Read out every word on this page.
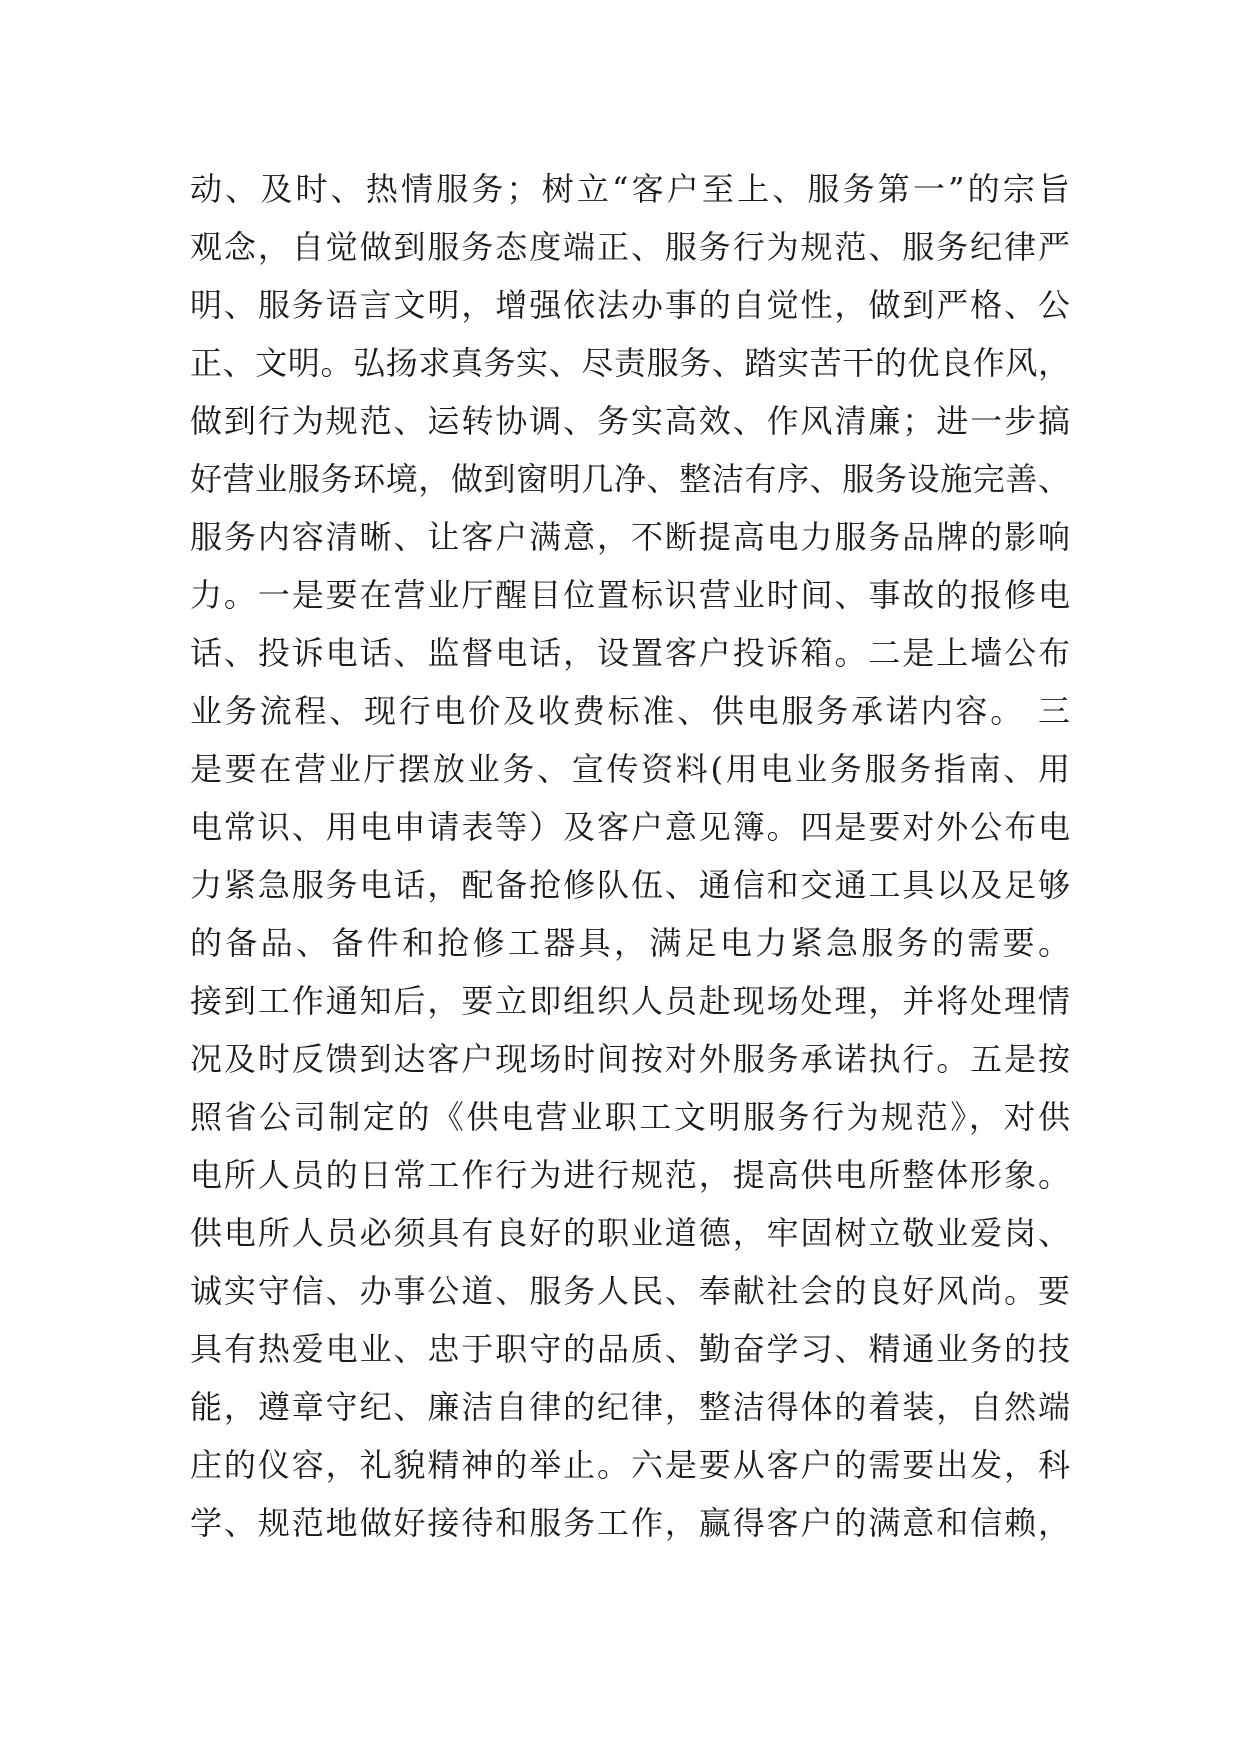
动、及时、热情服务；树立“客户至上、服务第一”的宗旨
观念，自觉做到服务态度端正、服务行为规范、服务纪律严
明、服务语言文明，增强依法办事的自觉性，做到严格、公
正、文明。弘扬求真务实、尽责服务、踏实苦干的优良作风，
做到行为规范、运转协调、务实高效、作风清廉；进一步搞
好营业服务环境，做到窗明几净、整洁有序、服务设施完善、
服务内容清晰、让客户满意，不断提高电力服务品牌的影响
力。一是要在营业厅醒目位置标识营业时间、事故的报修电
话、投诉电话、监督电话，设置客户投诉箱。二是上墙公布
业务流程、现行电价及收费标准、供电服务承诺内容。 三
是要在营业厅摆放业务、宣传资料(用电业务服务指南、用
电常识、用电申请表等）及客户意见簿。四是要对外公布电
力紧急服务电话，配备抢修队伍、通信和交通工具以及足够
的备品、备件和抢修工器具，满足电力紧急服务的需要。
接到工作通知后，要立即组织人员赴现场处理，并将处理情
况及时反馈到达客户现场时间按对外服务承诺执行。五是按
照省公司制定的《供电营业职工文明服务行为规范》，对供
电所人员的日常工作行为进行规范，提高供电所整体形象。
供电所人员必须具有良好的职业道德，牢固树立敬业爱岗、
诚实守信、办事公道、服务人民、奉献社会的良好风尚。要
具有热爱电业、忠于职守的品质、勤奋学习、精通业务的技
能，遵章守纪、廉洁自律的纪律，整洁得体的着装，自然端
庄的仪容，礼貌精神的举止。六是要从客户的需要出发，科
学、规范地做好接待和服务工作，赢得客户的满意和信赖，
